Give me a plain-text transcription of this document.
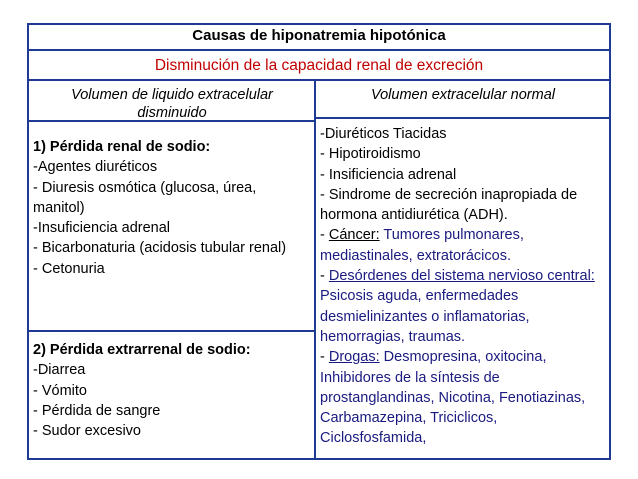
Causas de hiponatremia hipotónica
Disminución de la capacidad renal de excreción
Volumen de liquido extracelular disminuido
Volumen extracelular normal

1) Pérdida renal de sodio:

-Agentes diuréticos

- Diuresis osmótica (glucosa, úrea, manitol)

-Insuficiencia adrenal

- Bicarbonaturia (acidosis tubular renal)

- Cetonuria

2) Pérdida extrarrenal de sodio:

-Diarrea

- Vómito

- Pérdida de sangre

- Sudor excesivo

-Diuréticos Tiacidas

- Hipotiroidismo

- Insificiencia adrenal

- Sindrome de secreción inapropiada de hormona antidiurética (ADH).

- Cáncer: Tumores pulmonares, mediastinales, extratorácicos.

- Desórdenes del sistema nervioso central: Psicosis aguda, enfermedades desmielinizantes o inflamatorias, hemorragias, traumas.

- Drogas: Desmopresina, oxitocina, Inhibidores de la síntesis de prostanglandinas, Nicotina, Fenotiazinas, Carbamazepina, Triciclicos, Ciclosfosfamida,
